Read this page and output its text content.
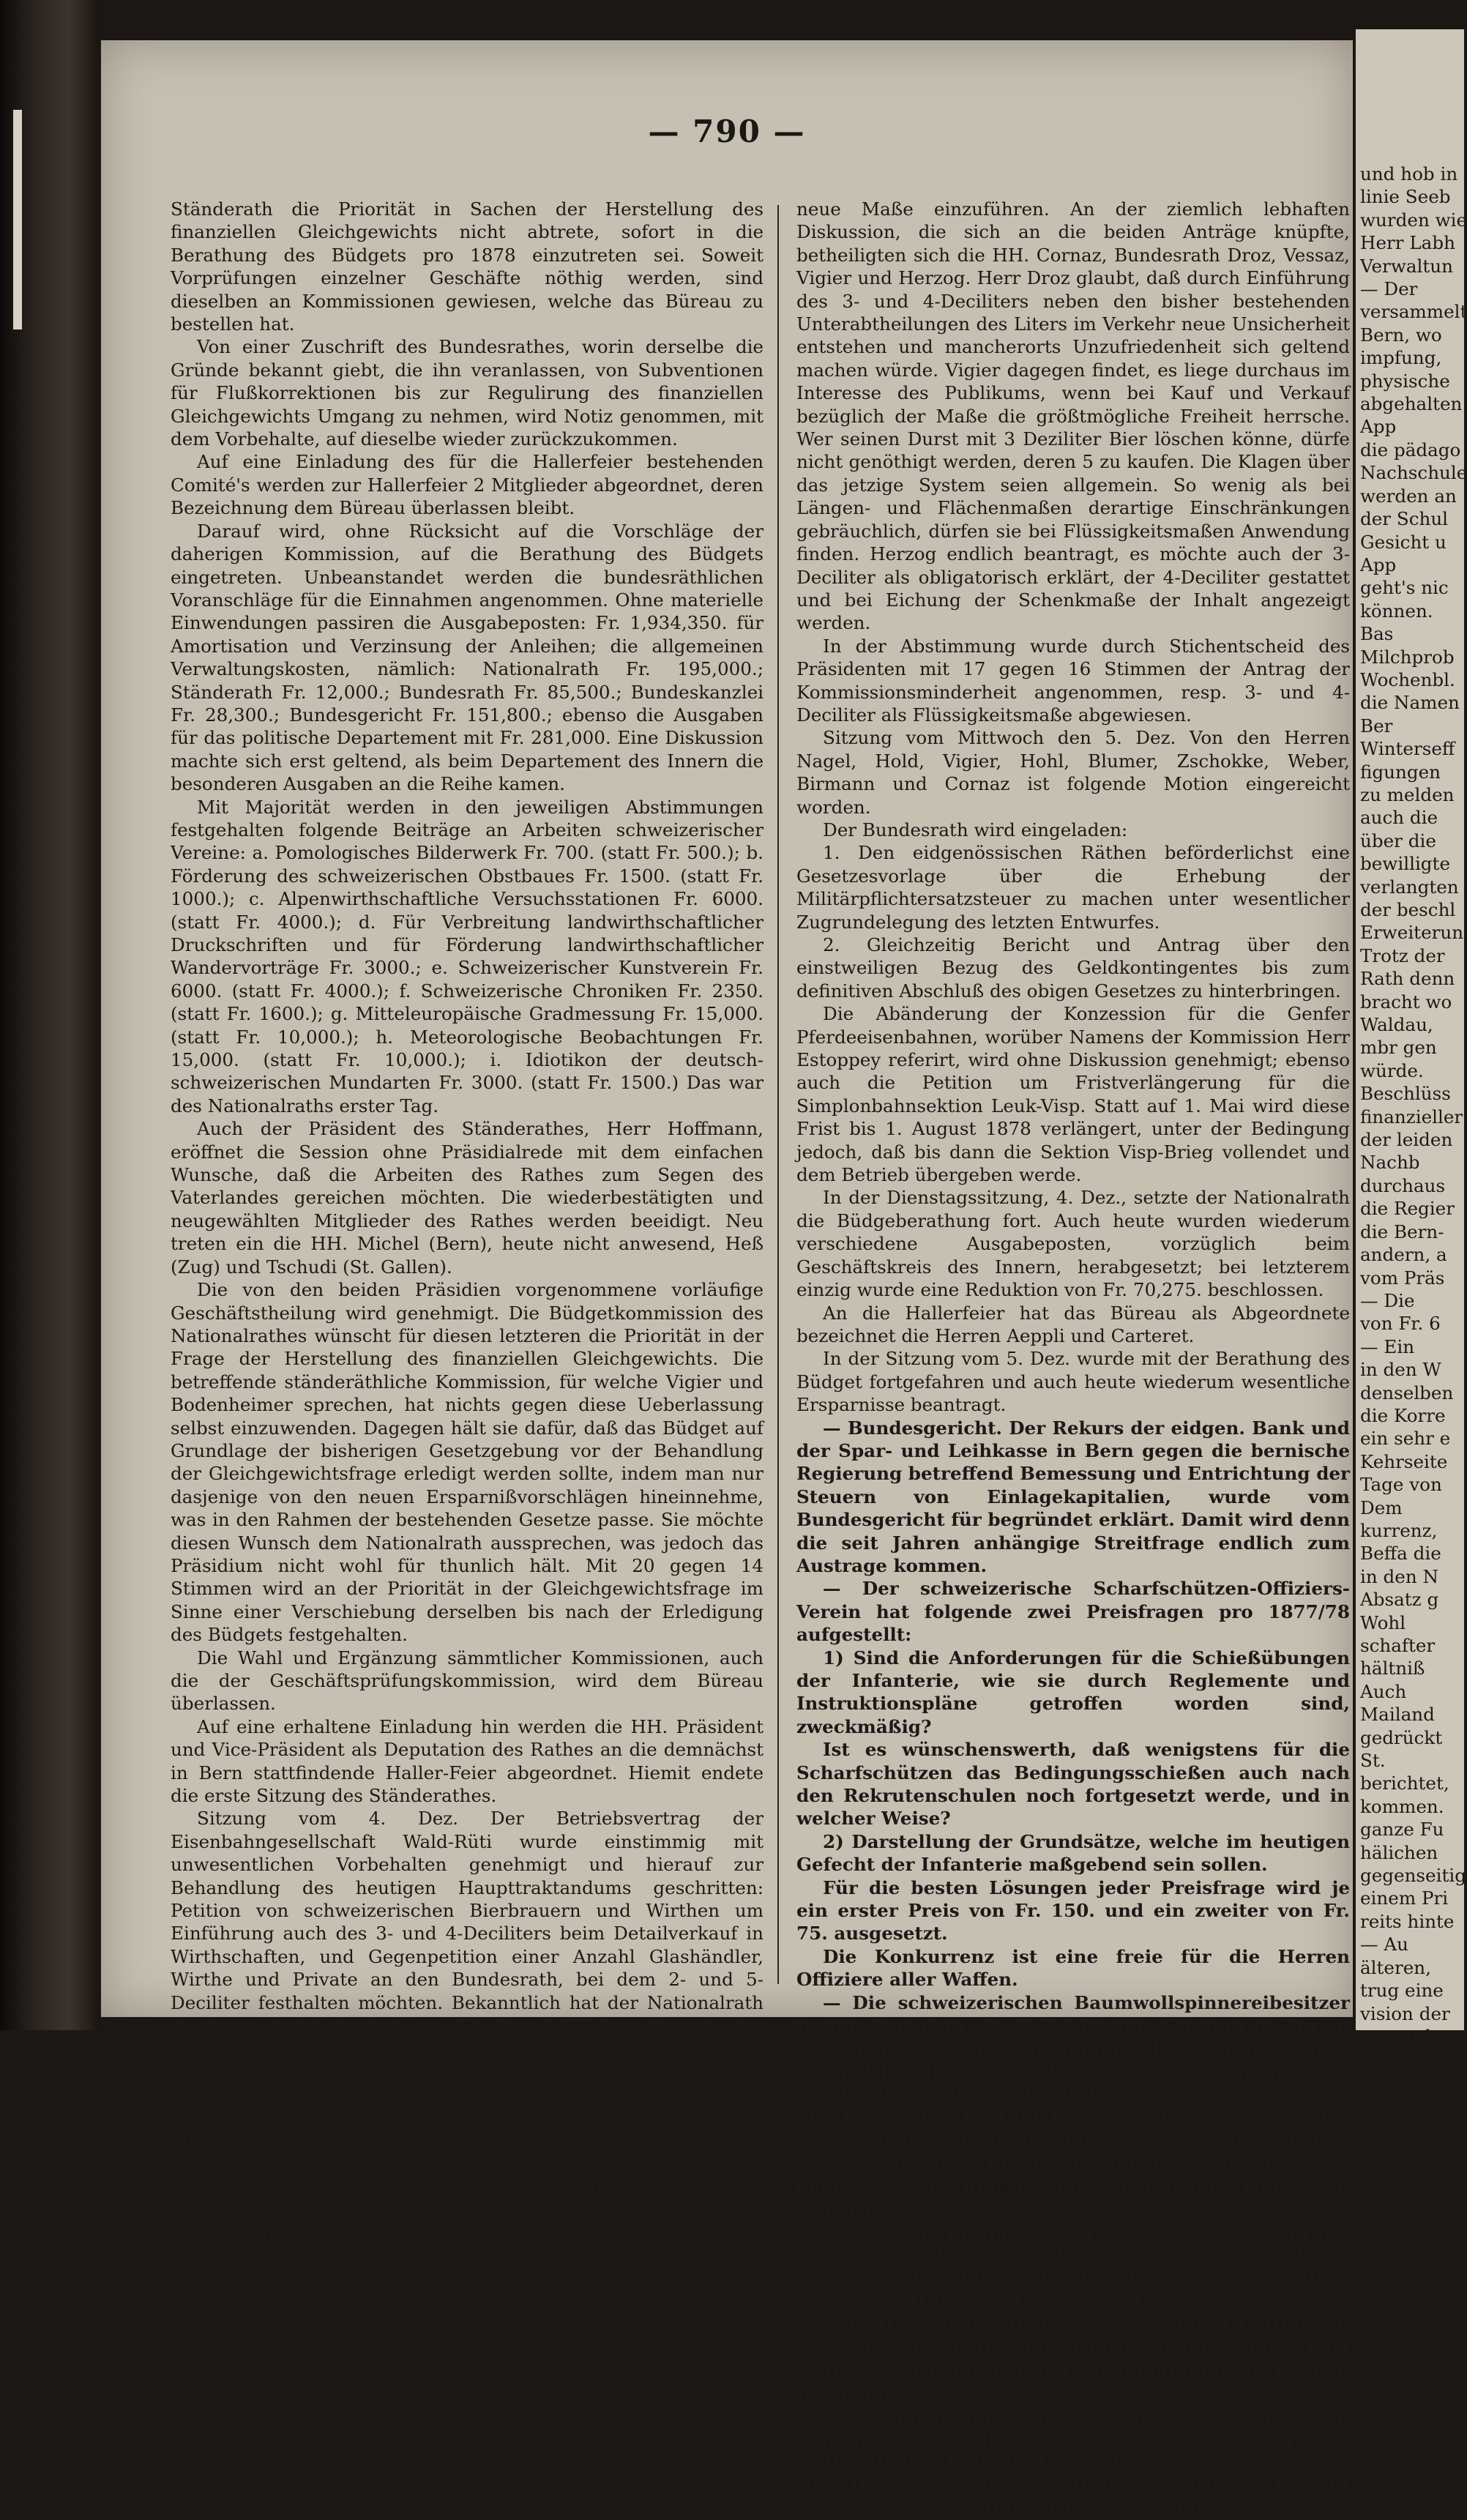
— 790 —

Ständerath die Priorität in Sachen der Herstellung des finanziellen Gleichgewichts nicht abtrete, sofort in die Berathung des Büdgets pro 1878 einzutreten sei. Soweit Vorprüfungen einzelner Geschäfte nöthig werden, sind dieselben an Kommissionen gewiesen, welche das Büreau zu bestellen hat.

Von einer Zuschrift des Bundesrathes, worin derselbe die Gründe bekannt giebt, die ihn veranlassen, von Subventionen für Flußkorrektionen bis zur Regulirung des finanziellen Gleichgewichts Umgang zu nehmen, wird Notiz genommen, mit dem Vorbehalte, auf dieselbe wieder zurückzukommen.

Auf eine Einladung des für die Hallerfeier bestehenden Comité's werden zur Hallerfeier 2 Mitglieder abgeordnet, deren Bezeichnung dem Büreau überlassen bleibt.

Darauf wird, ohne Rücksicht auf die Vorschläge der daherigen Kommission, auf die Berathung des Büdgets eingetreten. Unbeanstandet werden die bundesräthlichen Voranschläge für die Einnahmen angenommen. Ohne materielle Einwendungen passiren die Ausgabeposten: Fr. 1,934,350. für Amortisation und Verzinsung der Anleihen; die allgemeinen Verwaltungskosten, nämlich: Nationalrath Fr. 195,000.; Ständerath Fr. 12,000.; Bundesrath Fr. 85,500.; Bundeskanzlei Fr. 28,300.; Bundesgericht Fr. 151,800.; ebenso die Ausgaben für das politische Departement mit Fr. 281,000. Eine Diskussion machte sich erst geltend, als beim Departement des Innern die besonderen Ausgaben an die Reihe kamen.

Mit Majorität werden in den jeweiligen Abstimmungen festgehalten folgende Beiträge an Arbeiten schweizerischer Vereine: a. Pomologisches Bilderwerk Fr. 700. (statt Fr. 500.); b. Förderung des schweizerischen Obstbaues Fr. 1500. (statt Fr. 1000.); c. Alpenwirthschaftliche Versuchsstationen Fr. 6000. (statt Fr. 4000.); d. Für Verbreitung landwirthschaftlicher Druckschriften und für Förderung landwirthschaftlicher Wandervorträge Fr. 3000.; e. Schweizerischer Kunstverein Fr. 6000. (statt Fr. 4000.); f. Schweizerische Chroniken Fr. 2350. (statt Fr. 1600.); g. Mitteleuropäische Gradmessung Fr. 15,000. (statt Fr. 10,000.); h. Meteorologische Beobachtungen Fr. 15,000. (statt Fr. 10,000.); i. Idiotikon der deutsch-schweizerischen Mundarten Fr. 3000. (statt Fr. 1500.) Das war des Nationalraths erster Tag.

Auch der Präsident des Ständerathes, Herr Hoffmann, eröffnet die Session ohne Präsidialrede mit dem einfachen Wunsche, daß die Arbeiten des Rathes zum Segen des Vaterlandes gereichen möchten. Die wiederbestätigten und neugewählten Mitglieder des Rathes werden beeidigt. Neu treten ein die HH. Michel (Bern), heute nicht anwesend, Heß (Zug) und Tschudi (St. Gallen).

Die von den beiden Präsidien vorgenommene vorläufige Geschäftstheilung wird genehmigt. Die Büdgetkommission des Nationalrathes wünscht für diesen letzteren die Priorität in der Frage der Herstellung des finanziellen Gleichgewichts. Die betreffende ständeräthliche Kommission, für welche Vigier und Bodenheimer sprechen, hat nichts gegen diese Ueberlassung selbst einzuwenden. Dagegen hält sie dafür, daß das Büdget auf Grundlage der bisherigen Gesetzgebung vor der Behandlung der Gleichgewichtsfrage erledigt werden sollte, indem man nur dasjenige von den neuen Ersparnißvorschlägen hineinnehme, was in den Rahmen der bestehenden Gesetze passe. Sie möchte diesen Wunsch dem Nationalrath aussprechen, was jedoch das Präsidium nicht wohl für thunlich hält. Mit 20 gegen 14 Stimmen wird an der Priorität in der Gleichgewichtsfrage im Sinne einer Verschiebung derselben bis nach der Erledigung des Büdgets festgehalten.

Die Wahl und Ergänzung sämmtlicher Kommissionen, auch die der Geschäftsprüfungskommission, wird dem Büreau überlassen.

Auf eine erhaltene Einladung hin werden die HH. Präsident und Vice-Präsident als Deputation des Rathes an die demnächst in Bern stattfindende Haller-Feier abgeordnet. Hiemit endete die erste Sitzung des Ständerathes.

Sitzung vom 4. Dez. Der Betriebsvertrag der Eisenbahngesellschaft Wald-Rüti wurde einstimmig mit unwesentlichen Vorbehalten genehmigt und hierauf zur Behandlung des heutigen Haupttraktandums geschritten: Petition von schweizerischen Bierbrauern und Wirthen um Einführung auch des 3- und 4-Deciliters beim Detailverkauf in Wirthschaften, und Gegenpetition einer Anzahl Glashändler, Wirthe und Private an den Bundesrath, bei dem 2- und 5-Deciliter festhalten möchten. Bekanntlich hat der Nationalrath in dieser Angelegenheit am 22. Juni 1877 beschlossen, der Bundesrath sei eingeladen, den Art. 19. der Vollziehungsverordnung über Maß und Gewicht vom 22. Oktober 1875 mit thunlicher Beförderung in dem Sinne abzuändern, daß beim Detailverkauf als Flüssigkeitsmaß vom Liter abwärts die Theilung 5, 4, 3, 2 und 1-Deciliter gestattet wird. Die Mehrheit der ständeräthlichen Kommission nun (Berichterstatter Herr Kopp) beantragte Zustimmung zu diesem nationalräthlichen Beschlusse, während die Minderheit (Hr. Bodenheimer) über die obenerwähnten Petitionen und Eingaben zur Tagesordnung schreiten möchte, in Anbetracht, daß laut §. 102. der Bundesverfassung dem Bundesrath allein die Competenz zustehe,

neue Maße einzuführen. An der ziemlich lebhaften Diskussion, die sich an die beiden Anträge knüpfte, betheiligten sich die HH. Cornaz, Bundesrath Droz, Vessaz, Vigier und Herzog. Herr Droz glaubt, daß durch Einführung des 3- und 4-Deciliters neben den bisher bestehenden Unterabtheilungen des Liters im Verkehr neue Unsicherheit entstehen und mancherorts Unzufriedenheit sich geltend machen würde. Vigier dagegen findet, es liege durchaus im Interesse des Publikums, wenn bei Kauf und Verkauf bezüglich der Maße die größtmögliche Freiheit herrsche. Wer seinen Durst mit 3 Deziliter Bier löschen könne, dürfe nicht genöthigt werden, deren 5 zu kaufen. Die Klagen über das jetzige System seien allgemein. So wenig als bei Längen- und Flächenmaßen derartige Einschränkungen gebräuchlich, dürfen sie bei Flüssigkeitsmaßen Anwendung finden. Herzog endlich beantragt, es möchte auch der 3-Deciliter als obligatorisch erklärt, der 4-Deciliter gestattet und bei Eichung der Schenkmaße der Inhalt angezeigt werden.

In der Abstimmung wurde durch Stichentscheid des Präsidenten mit 17 gegen 16 Stimmen der Antrag der Kommissionsminderheit angenommen, resp. 3- und 4-Deciliter als Flüssigkeitsmaße abgewiesen.

Sitzung vom Mittwoch den 5. Dez. Von den Herren Nagel, Hold, Vigier, Hohl, Blumer, Zschokke, Weber, Birmann und Cornaz ist folgende Motion eingereicht worden.

Der Bundesrath wird eingeladen:

1. Den eidgenössischen Räthen beförderlichst eine Gesetzesvorlage über die Erhebung der Militärpflichtersatzsteuer zu machen unter wesentlicher Zugrundelegung des letzten Entwurfes.

2. Gleichzeitig Bericht und Antrag über den einstweiligen Bezug des Geldkontingentes bis zum definitiven Abschluß des obigen Gesetzes zu hinterbringen.

Die Abänderung der Konzession für die Genfer Pferdeeisenbahnen, worüber Namens der Kommission Herr Estoppey referirt, wird ohne Diskussion genehmigt; ebenso auch die Petition um Fristverlängerung für die Simplonbahnsektion Leuk-Visp. Statt auf 1. Mai wird diese Frist bis 1. August 1878 verlängert, unter der Bedingung jedoch, daß bis dann die Sektion Visp-Brieg vollendet und dem Betrieb übergeben werde.

In der Dienstagssitzung, 4. Dez., setzte der Nationalrath die Büdgeberathung fort. Auch heute wurden wiederum verschiedene Ausgabeposten, vorzüglich beim Geschäftskreis des Innern, herabgesetzt; bei letzterem einzig wurde eine Reduktion von Fr. 70,275. beschlossen.

An die Hallerfeier hat das Büreau als Abgeordnete bezeichnet die Herren Aeppli und Carteret.

In der Sitzung vom 5. Dez. wurde mit der Berathung des Büdget fortgefahren und auch heute wiederum wesentliche Ersparnisse beantragt.

— Bundesgericht. Der Rekurs der eidgen. Bank und der Spar- und Leihkasse in Bern gegen die bernische Regierung betreffend Bemessung und Entrichtung der Steuern von Einlagekapitalien, wurde vom Bundesgericht für begründet erklärt. Damit wird denn die seit Jahren anhängige Streitfrage endlich zum Austrage kommen.

— Der schweizerische Scharfschützen-Offiziers-Verein hat folgende zwei Preisfragen pro 1877/78 aufgestellt:

1) Sind die Anforderungen für die Schießübungen der Infanterie, wie sie durch Reglemente und Instruktionspläne getroffen worden sind, zweckmäßig?

Ist es wünschenswerth, daß wenigstens für die Scharfschützen das Bedingungsschießen auch nach den Rekrutenschulen noch fortgesetzt werde, und in welcher Weise?

2) Darstellung der Grundsätze, welche im heutigen Gefecht der Infanterie maßgebend sein sollen.

Für die besten Lösungen jeder Preisfrage wird je ein erster Preis von Fr. 150. und ein zweiter von Fr. 75. ausgesetzt.

Die Konkurrenz ist eine freie für die Herren Offiziere aller Waffen.

— Die schweizerischen Baumwollspinnereibesitzer tagten laut dem „N. Z.-Z." letzten Sonntag in Zürich und genehmigten einstimmig die Vorlage einer Normal-Fabrikordnung. Betreffend die Taglohnarbeit wurde Stundenlohn einzuführen beschlossen. Ueber die Frage der Haftpflicht gegenüber dem Arbeiter konnte man sich nicht einigen und es wurde Jedem überlassen, durch die ihm geeignet scheinende Weise gegen Unfälle und daraus entstehende Folgen zu sichern.

— Gotthardtunnel. Fortschritt der Bohrung während der letzten Woche: Göschenen 16,30 Meter, Airolo 8,50 Meter, Total 24,80 Meter; mithin durchschnittlich per Tag 3,55 Meter.

— Gotthardbahn. Deutscherseits sind 10 Millionen Nachsubvention für die Gotthardbahn zugesichert worden, vorbehältlich der Genehmigung durch den Reichstag.

— Nationalbahn. An der am 3. Dezember in Zofingen abgehaltenen Aktionärversammlung der Nationalbahn betheiligten sich 400 bis 500 Mann. Herr Direktor Ziegler erstattete ausführlichen Bericht über die gegenwärtige Situation der Bahn

und hob in
linie Seeb
wurden wie
Herr Labh
Verwaltun
— Der
versammelt
Bern, wo
impfung,
physische
abgehalten
App
die pädago
Nachschule
werden an
der Schul
Gesicht u
App
geht's nic
können.
Bas
Milchprob
Wochenbl.
die Namen
Ber
Winterseff
figungen
zu melden
auch die
über die
bewilligte
verlangten
der beschl
Erweiterun
Trotz der
Rath denn
bracht wo
Waldau,
mbr gen
würde.
Beschlüss
finanzieller
der leiden
Nachb
durchaus
die Regier
die Bern-
andern, a
vom Präs
— Die
von Fr. 6
— Ein
in den W
denselben
die Korre
ein sehr e
Kehrseite
Tage von
Dem
kurrenz,
Beffa die
in den N
Absatz g
Wohl
schafter
hältniß
Auch
Mailand
gedrückt
St.
berichtet,
kommen.
ganze Fu
hälichen
gegenseitig
einem Pri
reits hinte
— Au
älteren,
trug eine
vision der
vermuthe
von der
